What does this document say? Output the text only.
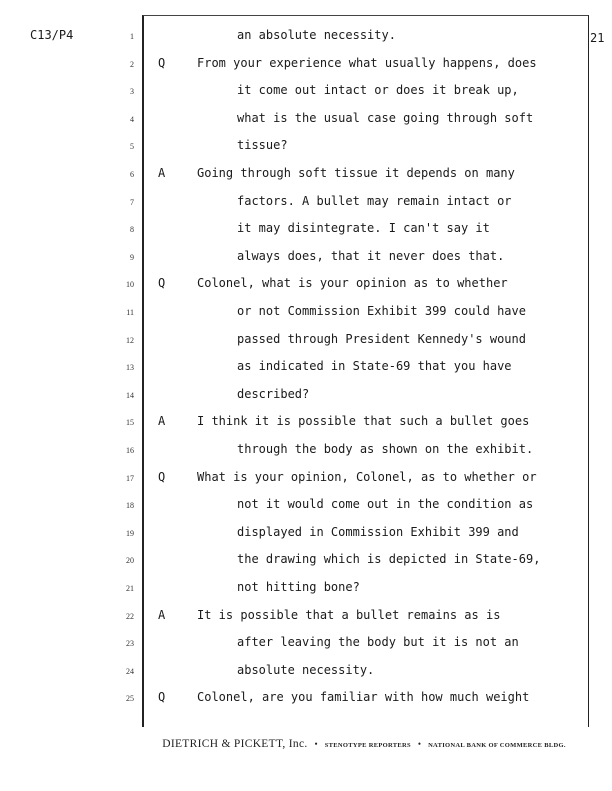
C13/P4	21
1	an absolute necessity.
2 Q	From your experience what usually happens, does
3	it come out intact or does it break up,
4	what is the usual case going through soft
5	tissue?
6 A	Going through soft tissue it depends on many
7	factors. A bullet may remain intact or
8	it may disintegrate. I can't say it
9	always does, that it never does that.
10 Q	Colonel, what is your opinion as to whether
11	or not Commission Exhibit 399 could have
12	passed through President Kennedy's wound
13	as indicated in State-69 that you have
14	described?
15 A	I think it is possible that such a bullet goes
16	through the body as shown on the exhibit.
17 Q	What is your opinion, Colonel, as to whether or
18	not it would come out in the condition as
19	displayed in Commission Exhibit 399 and
20	the drawing which is depicted in State-69,
21	not hitting bone?
22 A	It is possible that a bullet remains as is
23	after leaving the body but it is not an
24	absolute necessity.
25 Q	Colonel, are you familiar with how much weight
DIETRICH & PICKETT, Inc. • STENOTYPE REPORTERS • NATIONAL BANK OF COMMERCE BLDG.
